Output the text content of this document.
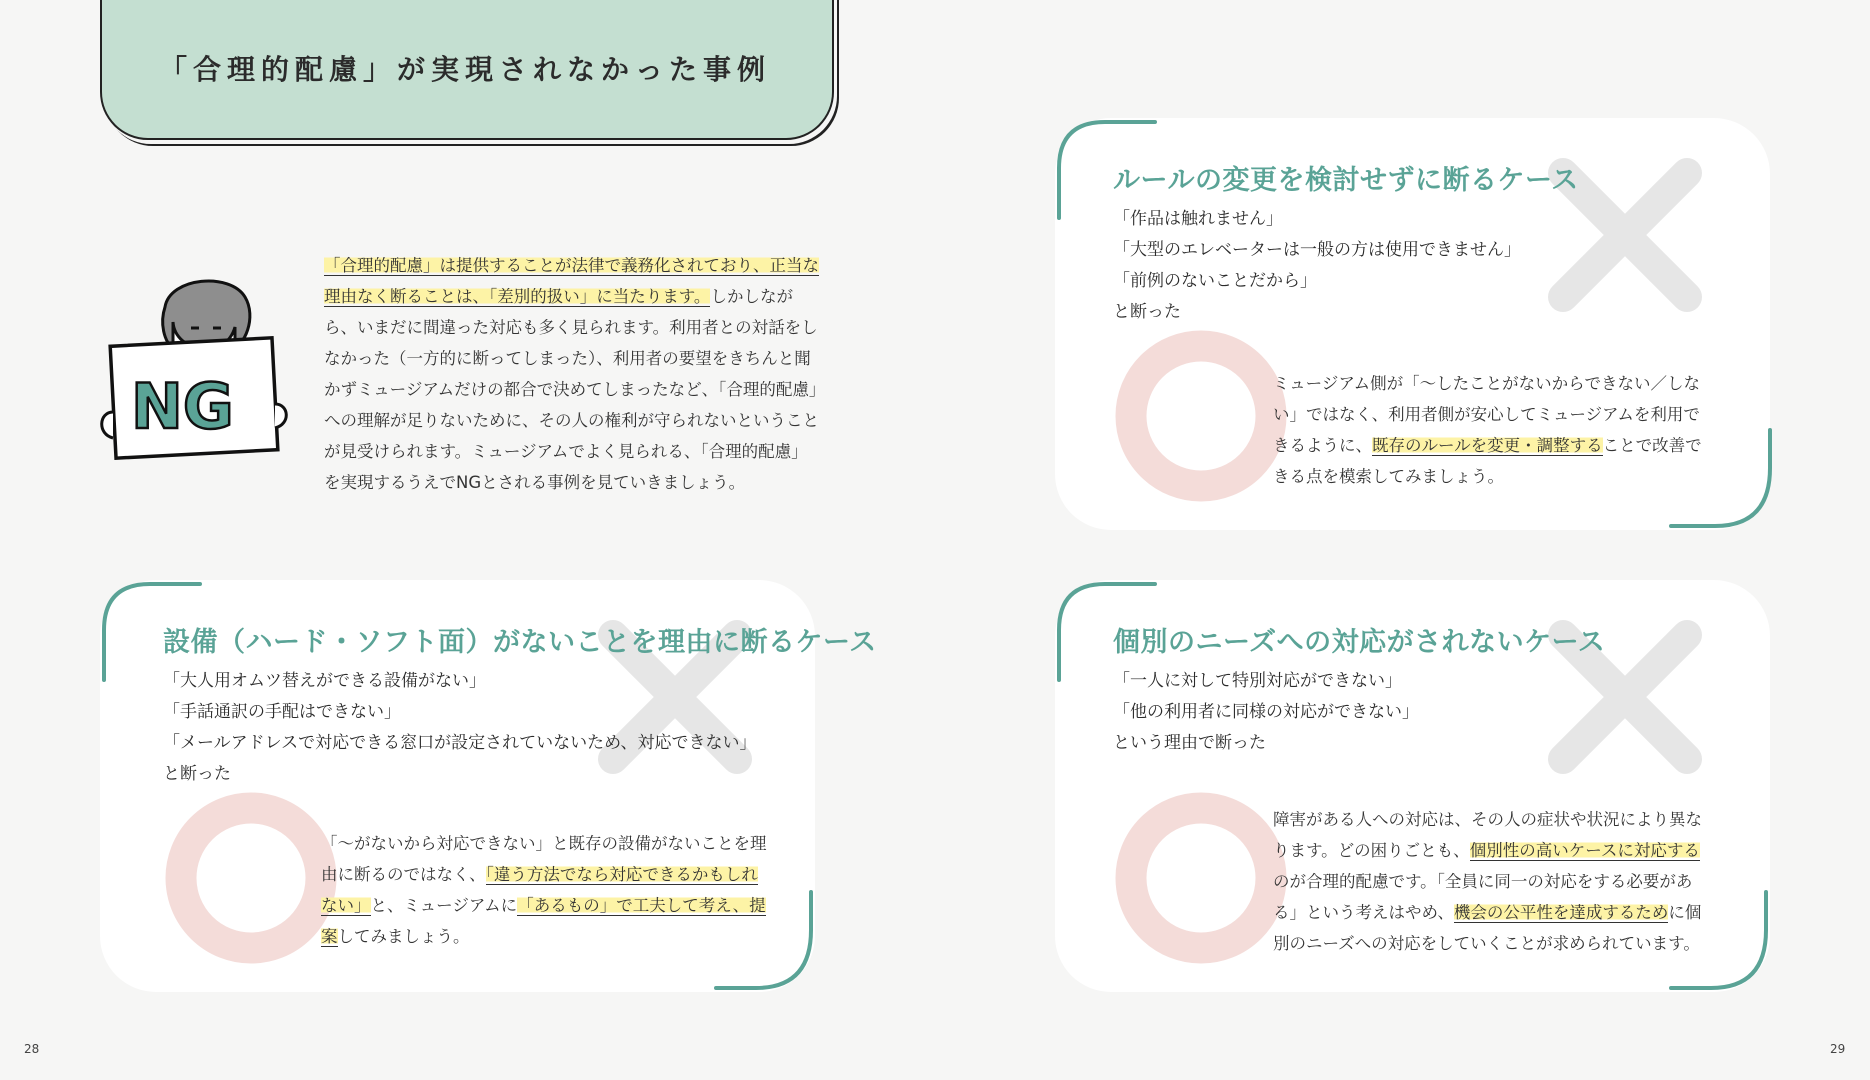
「合理的配慮」が実現されなかった事例
NG
「合理的配慮」は提供することが法律で義務化されており、正当な理由なく断ることは、「差別的扱い」に当たります。しかしながら、いまだに間違った対応も多く見られます。利用者との対話をしなかった（一方的に断ってしまった）、利用者の要望をきちんと聞かずミュージアムだけの都合で決めてしまったなど、「合理的配慮」への理解が足りないために、その人の権利が守られないということが見受けられます。ミュージアムでよく見られる、「合理的配慮」を実現するうえでNGとされる事例を見ていきましょう。
ルールの変更を検討せずに断るケース
「作品は触れません」
「大型のエレベーターは一般の方は使用できません」
「前例のないことだから」
と断った
ミュージアム側が「～したことがないからできない／しない」ではなく、利用者側が安心してミュージアムを利用できるように、既存のルールを変更・調整することで改善できる点を模索してみましょう。
設備（ハード・ソフト面）がないことを理由に断るケース
「大人用オムツ替えができる設備がない」
「手話通訳の手配はできない」
「メールアドレスで対応できる窓口が設定されていないため、対応できない」
と断った
「～がないから対応できない」と既存の設備がないことを理由に断るのではなく、「違う方法でなら対応できるかもしれない」と、ミュージアムに「あるもの」で工夫して考え、提案してみましょう。
個別のニーズへの対応がされないケース
「一人に対して特別対応ができない」
「他の利用者に同様の対応ができない」
という理由で断った
障害がある人への対応は、その人の症状や状況により異なります。どの困りごとも、個別性の高いケースに対応するのが合理的配慮です。「全員に同一の対応をする必要がある」という考えはやめ、機会の公平性を達成するために個別のニーズへの対応をしていくことが求められています。
28	29
